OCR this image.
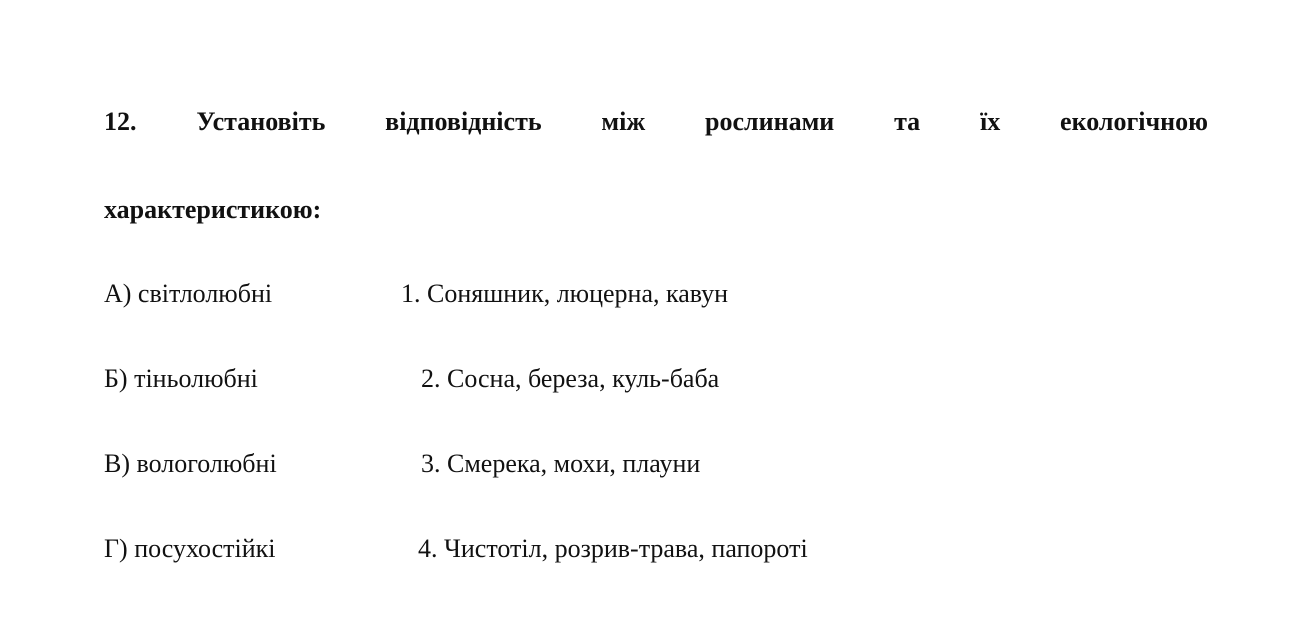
12. Установіть відповідність між рослинами та їх екологічною
характеристикою:
А) світлолюбні	1. Соняшник, люцерна, кавун
Б) тіньолюбні	2. Сосна, береза, куль-баба
В) вологолюбні	3. Смерека, мохи, плауни
Г) посухостійкі	4. Чистотіл, розрив-трава, папороті
